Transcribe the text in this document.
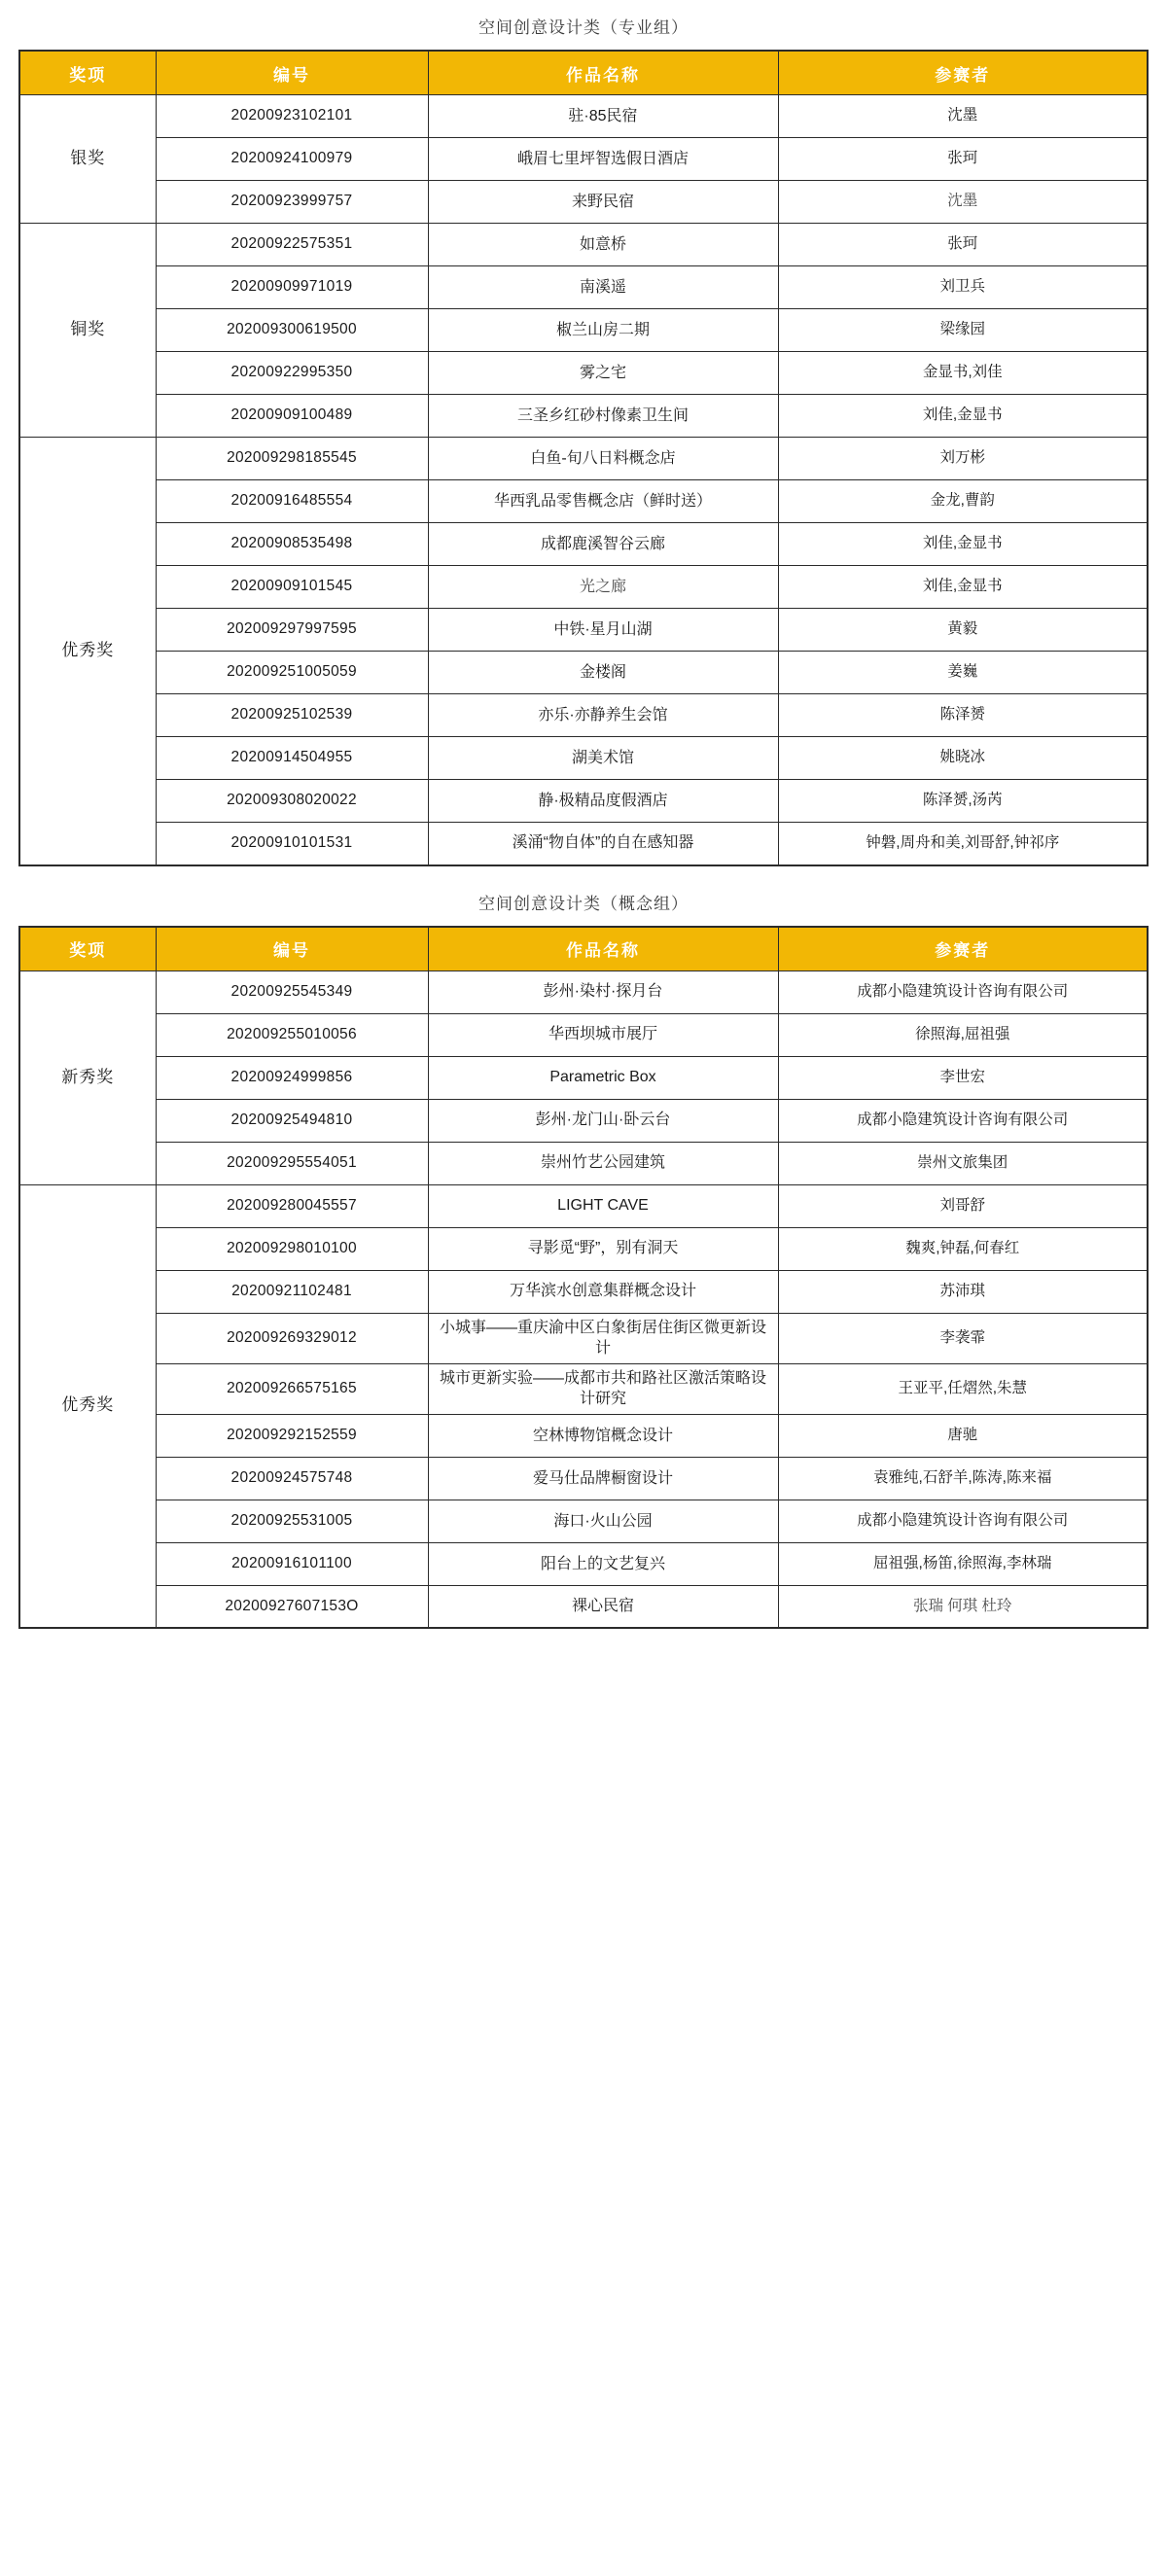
空间创意设计类（专业组）
奖项	编号	作品名称	参赛者
银奖	20200923102101	驻·85民宿	沈墨
	20200924100979	峨眉七里坪智选假日酒店	张珂
	20200923999757	来野民宿	沈墨
铜奖	20200922575351	如意桥	张珂
	20200909971019	南溪遥	刘卫兵
	202009300619500	椒兰山房二期	梁缘园
	20200922995350	雾之宅	金显书,刘佳
	20200909100489	三圣乡红砂村像素卫生间	刘佳,金显书
优秀奖	202009298185545	白鱼-旬八日料概念店	刘万彬
	20200916485554	华西乳品零售概念店（鲜时送）	金龙,曹韵
	20200908535498	成都鹿溪智谷云廊	刘佳,金显书
	20200909101545	光之廊	刘佳,金显书
	202009297997595	中铁·星月山湖	黄毅
	202009251005059	金楼阁	姜巍
	20200925102539	亦乐·亦静养生会馆	陈泽赟
	20200914504955	湖美术馆	姚晓冰
	202009308020022	静·极精品度假酒店	陈泽赟,汤芮
	20200910101531	溪涌“物自体”的自在感知器	钟磐,周舟和美,刘哥舒,钟祁序
空间创意设计类（概念组）
奖项	编号	作品名称	参赛者
新秀奖	20200925545349	彭州·染村·探月台	成都小隐建筑设计咨询有限公司
	202009255010056	华西坝城市展厅	徐照海,屈祖强
	20200924999856	Parametric Box	李世宏
	20200925494810	彭州·龙门山·卧云台	成都小隐建筑设计咨询有限公司
	202009295554051	崇州竹艺公园建筑	崇州文旅集团
优秀奖	202009280045557	LIGHT CAVE	刘哥舒
	202009298010100	寻影觅“野”，别有洞天	魏爽,钟磊,何春红
	20200921102481	万华滨水创意集群概念设计	苏沛琪
	202009269329012	小城事——重庆渝中区白象街居住街区微更新设计	李袭霏
	202009266575165	城市更新实验——成都市共和路社区激活策略设计研究	王亚平,任熠然,朱慧
	202009292152559	空林博物馆概念设计	唐驰
	20200924575748	爱马仕品牌橱窗设计	袁雅纯,石舒羊,陈涛,陈来福
	20200925531005	海口·火山公园	成都小隐建筑设计咨询有限公司
	20200916101100	阳台上的文艺复兴	屈祖强,杨笛,徐照海,李林瑞
	20200927607153O	裸心民宿	张瑞 何琪 杜玲
